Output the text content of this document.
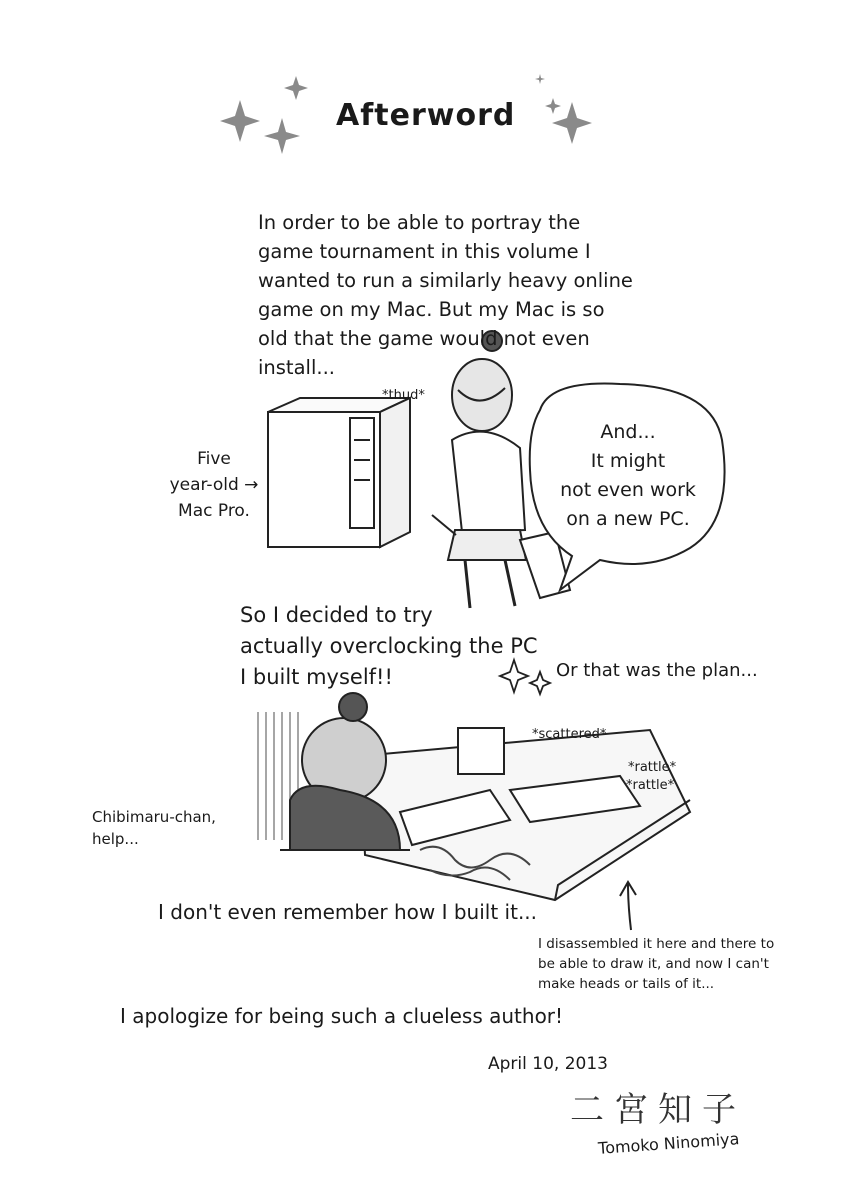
Afterword
In order to be able to portray the
game tournament in this volume I
wanted to run a similarly heavy online
game on my Mac. But my Mac is so
old that the game would not even
install...
*thud*
Five
year-old →
Mac Pro.
And...
It might
not even work
on a new PC.
So I decided to try
actually overclocking the PC
I built myself!!	Or that was the plan...
*scattered*
*rattle*
*rattle*
Chibimaru-chan,
help...
I don't even remember how I built it...
I disassembled it here and there to
be able to draw it, and now I can't
make heads or tails of it...
I apologize for being such a clueless author!
April 10, 2013
二宮知子
Tomoko Ninomiya
